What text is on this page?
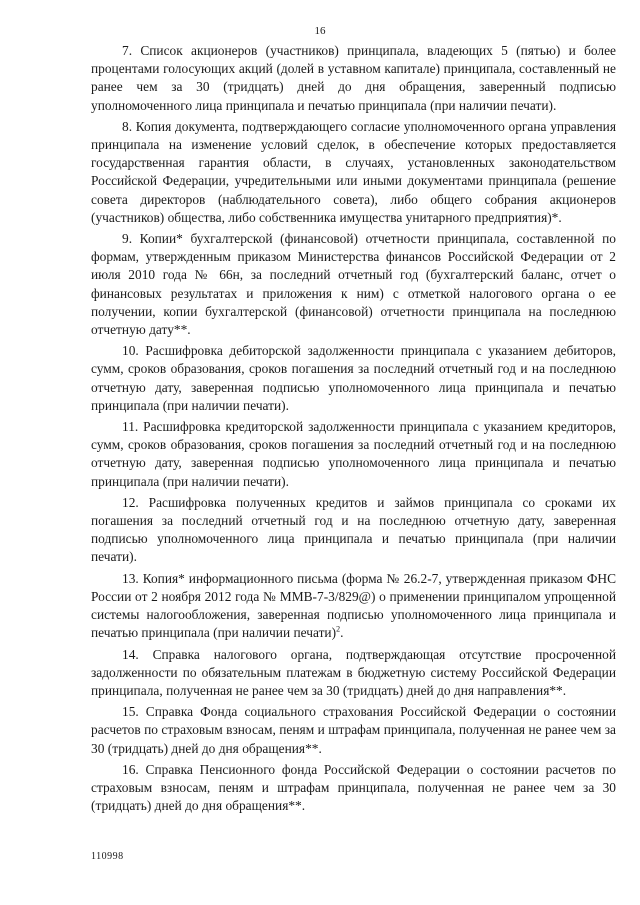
16

7. Список акционеров (участников) принципала, владеющих 5 (пятью) и более процентами голосующих акций (долей в уставном капитале) принципала, составленный не ранее чем за 30 (тридцать) дней до дня обращения, заверенный подписью уполномоченного лица принципала и печатью принципала (при наличии печати).

8. Копия документа, подтверждающего согласие уполномоченного органа управления принципала на изменение условий сделок, в обеспечение которых предоставляется государственная гарантия области, в случаях, установленных законодательством Российской Федерации, учредительными или иными документами принципала (решение совета директоров (наблюдательного совета), либо общего собрания акционеров (участников) общества, либо собственника имущества унитарного предприятия)*.

9. Копии* бухгалтерской (финансовой) отчетности принципала, составленной по формам, утвержденным приказом Министерства финансов Российской Федерации от 2 июля 2010 года № 66н, за последний отчетный год (бухгалтерский баланс, отчет о финансовых результатах и приложения к ним) с отметкой налогового органа о ее получении, копии бухгалтерской (финансовой) отчетности принципала на последнюю отчетную дату**.

10. Расшифровка дебиторской задолженности принципала с указанием дебиторов, сумм, сроков образования, сроков погашения за последний отчетный год и на последнюю отчетную дату, заверенная подписью уполномоченного лица принципала и печатью принципала (при наличии печати).

11. Расшифровка кредиторской задолженности принципала с указанием кредиторов, сумм, сроков образования, сроков погашения за последний отчетный год и на последнюю отчетную дату, заверенная подписью уполномоченного лица принципала и печатью принципала (при наличии печати).

12. Расшифровка полученных кредитов и займов принципала со сроками их погашения за последний отчетный год и на последнюю отчетную дату, заверенная подписью уполномоченного лица принципала и печатью принципала (при наличии печати).

13. Копия* информационного письма (форма № 26.2-7, утвержденная приказом ФНС России от 2 ноября 2012 года № ММВ-7-3/829@) о применении принципалом упрощенной системы налогообложения, заверенная подписью уполномоченного лица принципала и печатью принципала (при наличии печати)$^2$.

14. Справка налогового органа, подтверждающая отсутствие просроченной задолженности по обязательным платежам в бюджетную систему Российской Федерации принципала, полученная не ранее чем за 30 (тридцать) дней до дня направления**.

15. Справка Фонда социального страхования Российской Федерации о состоянии расчетов по страховым взносам, пеням и штрафам принципала, полученная не ранее чем за 30 (тридцать) дней до дня обращения**.

16. Справка Пенсионного фонда Российской Федерации о состоянии расчетов по страховым взносам, пеням и штрафам принципала, полученная не ранее чем за 30 (тридцать) дней до дня обращения**.

110998
